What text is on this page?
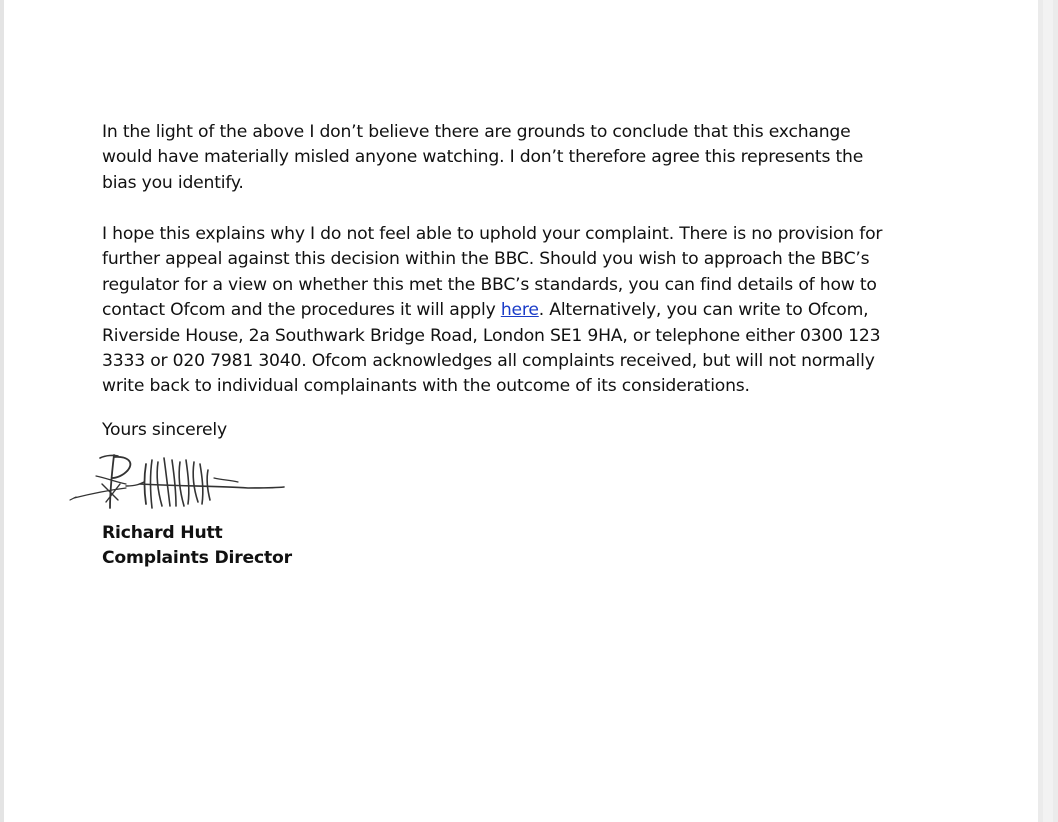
In the light of the above I don’t believe there are grounds to conclude that this exchange
would have materially misled anyone watching. I don’t therefore agree this represents the
bias you identify.
I hope this explains why I do not feel able to uphold your complaint. There is no provision for
further appeal against this decision within the BBC. Should you wish to approach the BBC’s
regulator for a view on whether this met the BBC’s standards, you can find details of how to
contact Ofcom and the procedures it will apply here. Alternatively, you can write to Ofcom,
Riverside House, 2a Southwark Bridge Road, London SE1 9HA, or telephone either 0300 123
3333 or 020 7981 3040. Ofcom acknowledges all complaints received, but will not normally
write back to individual complainants with the outcome of its considerations.
Yours sincerely
Richard Hutt
Complaints Director
